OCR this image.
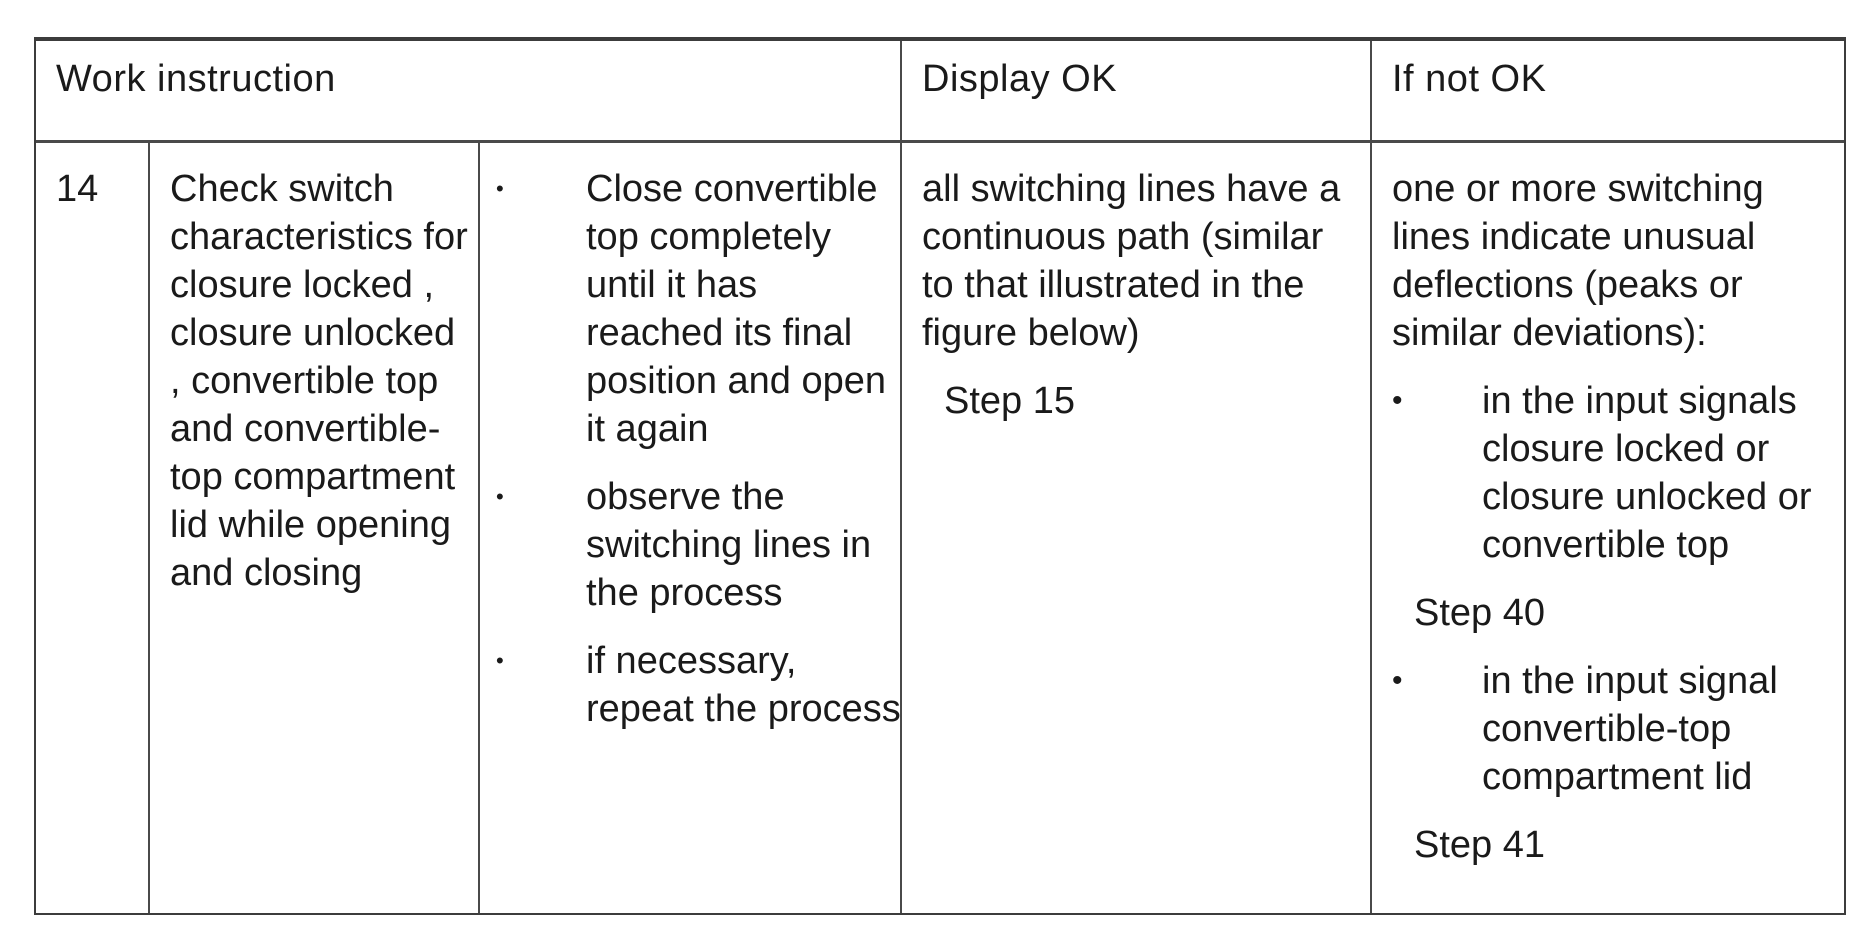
Work instruction	Display OK	If not OK
14 Check switch characteristics for closure locked , closure unlocked , convertible top and convertible-top compartment lid while opening and closing
• Close convertible top completely until it has reached its final position and open it again
• observe the switching lines in the process
• if necessary, repeat the process
all switching lines have a continuous path (similar to that illustrated in the figure below)
Step 15
one or more switching lines indicate unusual deflections (peaks or similar deviations):
• in the input signals closure locked or closure unlocked or convertible top
Step 40
• in the input signal convertible-top compartment lid
Step 41
